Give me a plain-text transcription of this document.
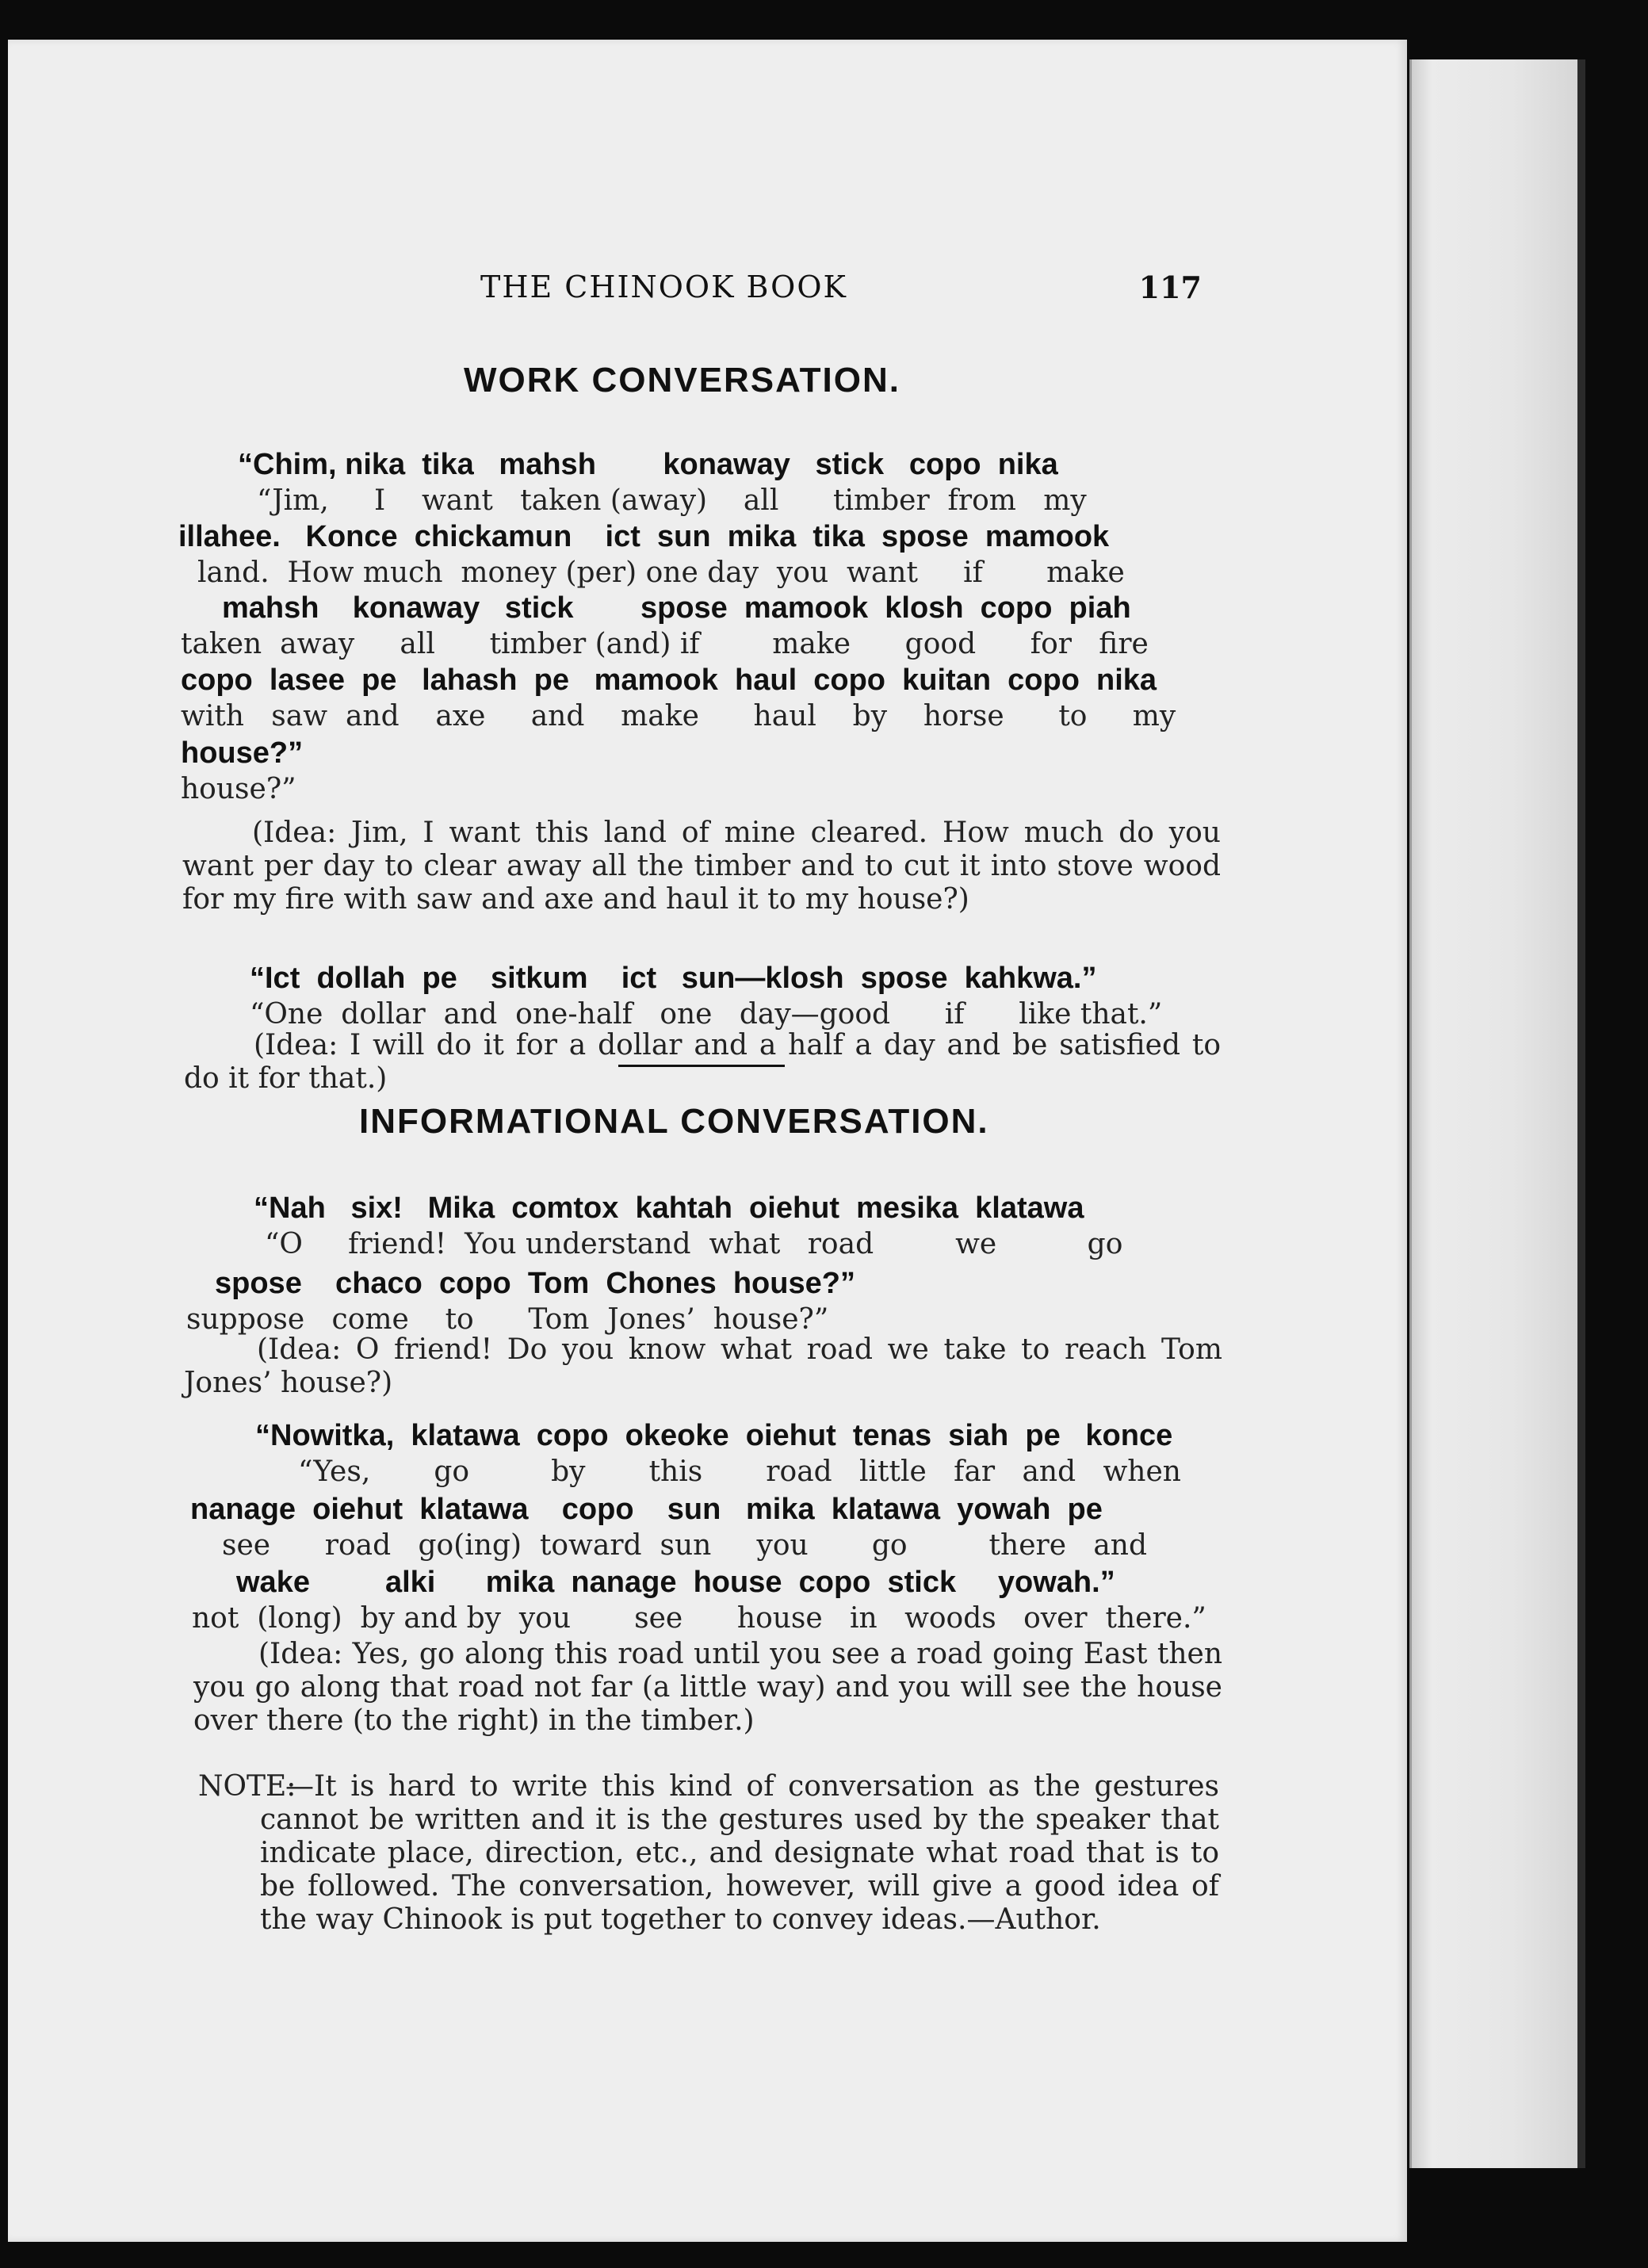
THE CHINOOK BOOK	117
WORK CONVERSATION.
“Chim, nika  tika   mahsh        konaway   stick   copo  nika
“Jim,     I    want   taken (away)    all      timber  from   my
illahee.   Konce  chickamun    ict  sun  mika  tika  spose  mamook
land.  How much  money (per) one day  you  want     if       make
mahsh    konaway   stick        spose  mamook  klosh  copo  piah
taken  away     all      timber (and) if        make      good      for   fire
copo  lasee  pe   lahash  pe   mamook  haul  copo  kuitan  copo  nika
with   saw  and    axe     and    make      haul    by    horse      to     my
house?”
house?”
(Idea: Jim, I want this land of mine cleared. How much do you want per day to clear away all the timber and to cut it into stove wood for my fire with saw and axe and haul it to my house?)
“Ict  dollah  pe    sitkum    ict   sun—klosh  spose  kahkwa.”
“One  dollar  and  one-half   one   day—good      if      like that.”
(Idea: I will do it for a dollar and a half a day and be satisfied to do it for that.)
INFORMATIONAL CONVERSATION.
“Nah   six!   Mika  comtox  kahtah  oiehut  mesika  klatawa
“O     friend!  You understand  what   road         we          go
spose    chaco  copo  Tom  Chones  house?”
suppose   come    to      Tom  Jones’  house?”
(Idea: O friend! Do you know what road we take to reach Tom Jones’ house?)
“Nowitka,  klatawa  copo  okeoke  oiehut  tenas  siah  pe   konce
“Yes,       go         by       this       road   little   far   and   when
nanage  oiehut  klatawa    copo    sun   mika  klatawa  yowah  pe
see      road   go(ing)  toward  sun     you       go         there   and
wake         alki      mika  nanage  house  copo  stick     yowah.”
not  (long)  by and by  you       see      house   in   woods   over  there.”
(Idea: Yes, go along this road until you see a road going East then you go along that road not far (a little way) and you will see the house over there (to the right) in the timber.)
NOTE:
—It is hard to write this kind of conversation as the gestures cannot be written and it is the gestures used by the speaker that indicate place, direction, etc., and designate what road that is to be followed. The conversation, however, will give a good idea of the way Chinook is put together to convey ideas.—Author.
